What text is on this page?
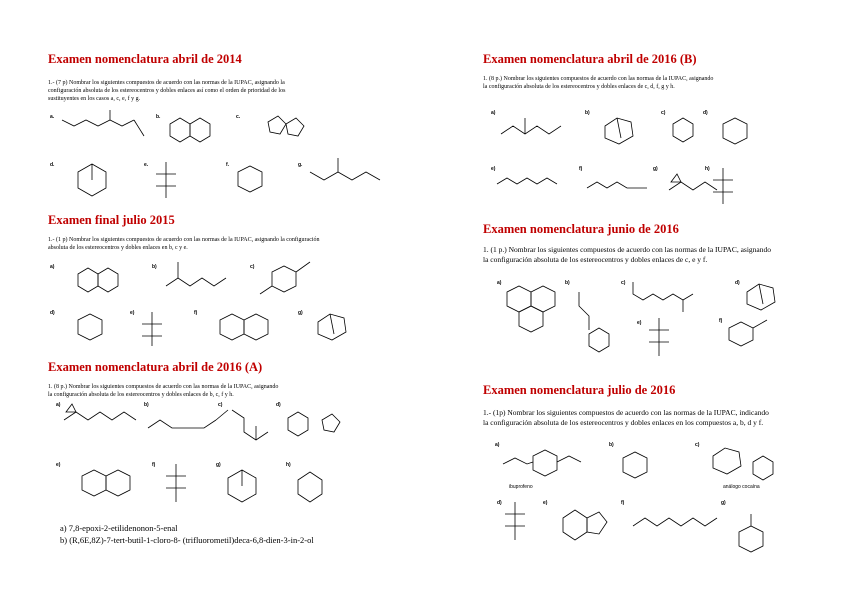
Examen nomenclatura abril de 2014
1.- (7 p) Nombrar los siguientes compuestos de acuerdo con las normas de la IUPAC, asignando la
configuración absoluta de los estereocentros y dobles enlaces así como el orden de prioridad de los
sustituyentes en los casos a, c, e, f y g.
a.	b.	c.
d.	e.	f.	g.
Examen final julio 2015
1.- (1 p) Nombrar los siguientes compuestos de acuerdo con las normas de la IUPAC, asignando la configuración
absoluta de los estereocentros y dobles enlaces en b, c y e.
a)	b)	c)
d)	e)	f)	g)
Examen nomenclatura abril de 2016 (A)
1. (8 p.) Nombrar los siguientes compuestos de acuerdo con las normas de la IUPAC, asignando
la configuración absoluta de los estereocentros y dobles enlaces de b, c, f y h.
a)	b)	c)	d)
e)	f)	g)	h)
a) 7,8-epoxi-2-etilidenonon-5-enal
b) (R,6E,8Z)-7-tert-butil-1-cloro-8- (trifluorometil)deca-6,8-dien-3-in-2-ol
Examen nomenclatura abril de 2016 (B)
1. (8 p.) Nombrar los siguientes compuestos de acuerdo con las normas de la IUPAC, asignando
la configuración absoluta de los estereocentros y dobles enlaces de c, d, f, g y h.
a)	b)	c)	d)
e)	f)	g)	h)
Examen nomenclatura junio de 2016
1. (1 p.) Nombrar los siguientes compuestos de acuerdo con las normas de la IUPAC, asignando
la configuración absoluta de los estereocentros y dobles enlaces de c, e y f.
a)	b)	c)	d)
e)	f)
Examen nomenclatura julio de 2016
1.- (1p) Nombrar los siguientes compuestos de acuerdo con las normas de la IUPAC, indicando
la configuración absoluta de los estereocentros y dobles enlaces en los compuestos a, b, d y f.
a)
ibuprofeno
b)	c)
análogo cocaína
d)	e)	f)	g)
